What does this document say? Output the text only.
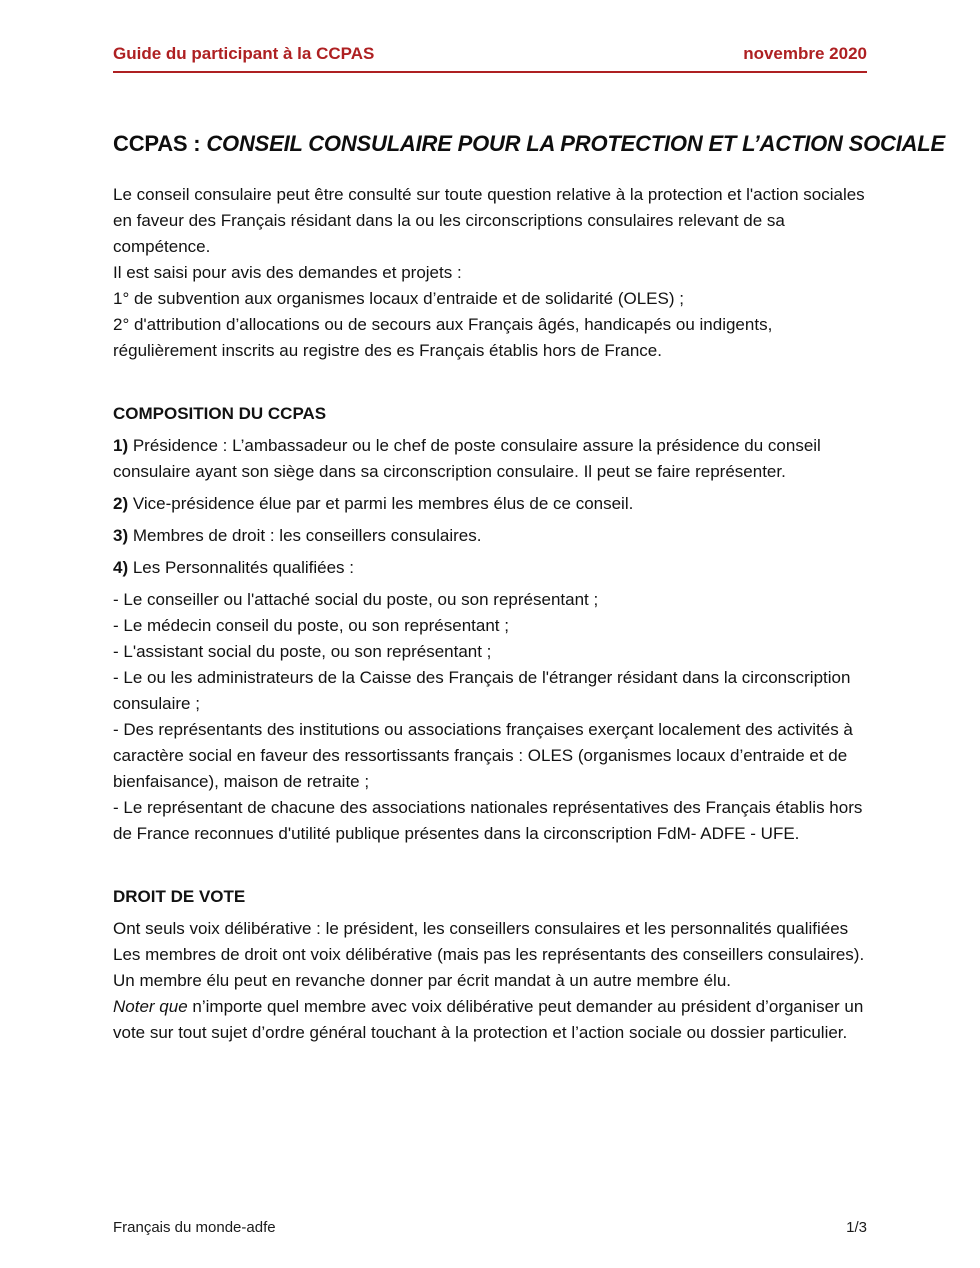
Guide du participant à la CCPAS	novembre 2020
CCPAS : CONSEIL CONSULAIRE POUR LA PROTECTION ET L’ACTION SOCIALE

Le conseil consulaire peut être consulté sur toute question relative à la protection et l'action sociales en faveur des Français résidant dans la ou les circonscriptions consulaires relevant de sa compétence.

Il est saisi pour avis des demandes et projets :

1° de subvention aux organismes locaux d’entraide et de solidarité (OLES) ;

2° d'attribution d’allocations ou de secours aux Français âgés, handicapés ou indigents, régulièrement inscrits au registre des es Français établis hors de France.

COMPOSITION DU CCPAS

1) Présidence : L’ambassadeur ou le chef de poste consulaire assure la présidence du conseil consulaire ayant son siège dans sa circonscription consulaire. Il peut se faire représenter.

2) Vice-présidence élue par et parmi les membres élus de ce conseil.

3) Membres de droit : les conseillers consulaires.

4) Les Personnalités qualifiées :

- Le conseiller ou l'attaché social du poste, ou son représentant ;

- Le médecin conseil du poste, ou son représentant ;

- L'assistant social du poste, ou son représentant ;

- Le ou les administrateurs de la Caisse des Français de l'étranger résidant dans la circonscription consulaire ;

- Des représentants des institutions ou associations françaises exerçant localement des activités à caractère social en faveur des ressortissants français : OLES (organismes locaux d’entraide et de bienfaisance), maison de retraite ;

- Le représentant de chacune des associations nationales représentatives des Français établis hors de France reconnues d'utilité publique présentes dans la circonscription FdM- ADFE - UFE.

DROIT DE VOTE

Ont seuls voix délibérative : le président, les conseillers consulaires et les personnalités qualifiées

Les membres de droit ont voix délibérative (mais pas les représentants des conseillers consulaires). Un membre élu peut en revanche donner par écrit mandat à un autre membre élu.

Noter que n’importe quel membre avec voix délibérative peut demander au président d’organiser un vote sur tout sujet d’ordre général touchant à la protection et l’action sociale ou dossier particulier.

Français du monde-adfe	1/3
